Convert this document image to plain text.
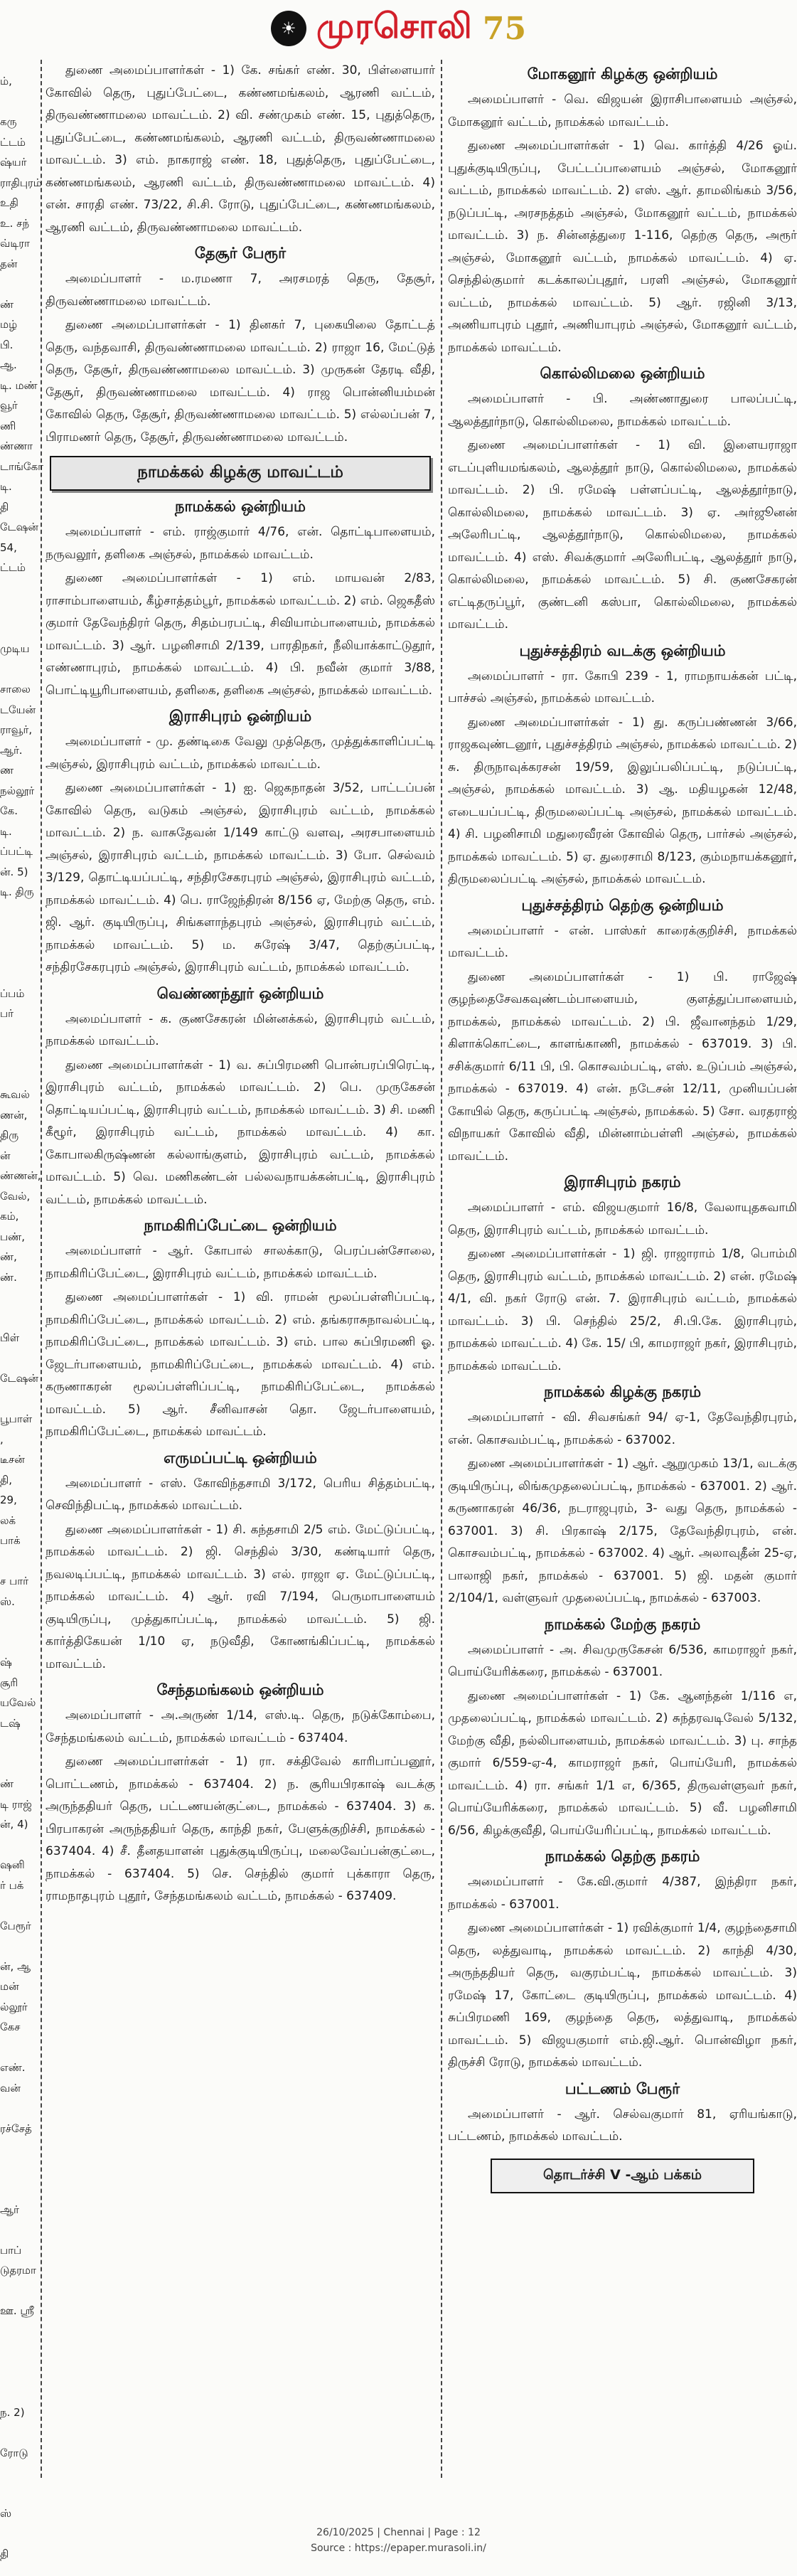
☀ முரசொலி 75
ம்,

கரு
ட்டம்
ஷ்யர்
ராதிபுரம்
உதி
உ. சந்
வ்டிரா
தன்

ண்
மழ்
பி.
ஆ.
டி. மண்
வூர்
ணி
ண்ணா
டாங்கோ
டி.
தி
டேஷன்
54,
ட்டம்

முடிய

சாலை
டயேன்
ராவூர்,
ஆர்.
ண
நல்லூர்
கே.
டி.
ப்பட்டி
ன். 5)
டி. திரு

ப்பம்
பர்

கூவல்
ணன்,
திரு
ன்
ண்ணன்,
வேல்,
கம்,
பண்,
ண்,
ண்.

பிள்

டேஷன்

பூபாள்
,
டீசன்
தி,
29,
லக்
பாக்

ச பார்
ஸ்.

ஷ்
சூரி
யவேல்
டஷ்

ண்
டி ராஜ்
ன், 4)

ஷனி
ர் பக்

பேரூர்

ன், ஆ
மன்
ல்லூர்
கேச

எண்.
வன்

ரச்சேத்

ஆர்

பாப்
டுதரமா

ஊ. ஸ்ரீ

ந. 2)

ரோடு

ஸ்

தி

துணை அமைப்பாளர்கள் - 1) கே. சங்கர் எண். 30, பிள்ளையார் கோவில் தெரு, புதுப்பேட்டை, கண்ணமங்கலம், ஆரணி வட்டம், திருவண்ணாமலை மாவட்டம். 2) வி. சண்முகம் எண். 15, புதுத்தெரு, புதுப்பேட்டை, கண்ணமங்கலம், ஆரணி வட்டம், திருவண்ணாமலை மாவட்டம். 3) எம். நாகராஜ் எண். 18, புதுத்தெரு, புதுப்பேட்டை, கண்ணமங்கலம், ஆரணி வட்டம், திருவண்ணாமலை மாவட்டம். 4) என். சாரதி எண். 73/22, சி.சி. ரோடு, புதுப்பேட்டை, கண்ணமங்கலம், ஆரணி வட்டம், திருவண்ணாமலை மாவட்டம்.

தேசூர் பேரூர்

அமைப்பாளர் - ம.ரமணா 7, அரசமரத் தெரு, தேசூர், திருவண்ணாமலை மாவட்டம்.

துணை அமைப்பாளர்கள் - 1) தினகர் 7, புகையிலை தோட்டத் தெரு, வந்தவாசி, திருவண்ணாமலை மாவட்டம். 2) ராஜா 16, மேட்டுத் தெரு, தேசூர், திருவண்ணாமலை மாவட்டம். 3) முருகன் தேரடி வீதி, தேசூர், திருவண்ணாமலை மாவட்டம். 4) ராஜ பொன்னியம்மன் கோவில் தெரு, தேசூர், திருவண்ணாமலை மாவட்டம். 5) எல்லப்பன் 7, பிராமணர் தெரு, தேசூர், திருவண்ணாமலை மாவட்டம்.

நாமக்கல் கிழக்கு மாவட்டம்
நாமக்கல் ஒன்றியம்

அமைப்பாளர் - எம். ராஜ்குமார் 4/76, என். தொட்டிபாளையம், நருவலூர், தளிகை அஞ்சல், நாமக்கல் மாவட்டம்.

துணை அமைப்பாளர்கள் - 1) எம். மாயவன் 2/83, ராசாம்பாளையம், கீழ்சாத்தம்பூர், நாமக்கல் மாவட்டம். 2) எம். ஜெகதீஸ் குமார் தேவேந்திரர் தெரு, சிதம்பரபட்டி, சிவியாம்பாளையம், நாமக்கல் மாவட்டம். 3) ஆர். பழனிசாமி 2/139, பாரதிநகர், நீலியாக்காட்டுதூர், எண்ணாபுரம், நாமக்கல் மாவட்டம். 4) பி. நவீன் குமார் 3/88, பொட்டியூரிபாளையம், தளிகை, தளிகை அஞ்சல், நாமக்கல் மாவட்டம்.

இராசிபுரம் ஒன்றியம்

அமைப்பாளர் - மு. தண்டிகை வேலு முத்தெரு, முத்துக்காளிப்பட்டி அஞ்சல், இராசிபுரம் வட்டம், நாமக்கல் மாவட்டம்.

துணை அமைப்பாளர்கள் - 1) ஐ. ஜெகநாதன் 3/52, பாட்டப்பன் கோவில் தெரு, வடுகம் அஞ்சல், இராசிபுரம் வட்டம், நாமக்கல் மாவட்டம். 2) ந. வாசுதேவன் 1/149 காட்டு வளவு, அரசபாளையம் அஞ்சல், இராசிபுரம் வட்டம், நாமக்கல் மாவட்டம். 3) போ. செல்வம் 3/129, தொட்டியப்பட்டி, சந்திரசேகரபுரம் அஞ்சல், இராசிபுரம் வட்டம், நாமக்கல் மாவட்டம். 4) பெ. ராஜேந்திரன் 8/156 ஏ, மேற்கு தெரு, எம். ஜி. ஆர். குடியிருப்பு, சிங்களாந்தபுரம் அஞ்சல், இராசிபுரம் வட்டம், நாமக்கல் மாவட்டம். 5) ம. சுரேஷ் 3/47, தெற்குப்பட்டி, சந்திரசேகரபுரம் அஞ்சல், இராசிபுரம் வட்டம், நாமக்கல் மாவட்டம்.

வெண்ணந்தூர் ஒன்றியம்

அமைப்பாளர் - க. குணசேகரன் மின்னக்கல், இராசிபுரம் வட்டம், நாமக்கல் மாவட்டம்.

துணை அமைப்பாளர்கள் - 1) வ. சுப்பிரமணி பொன்பரப்பிரெட்டி, இராசிபுரம் வட்டம், நாமக்கல் மாவட்டம். 2) பெ. முருகேசன் தொட்டியப்பட்டி, இராசிபுரம் வட்டம், நாமக்கல் மாவட்டம். 3) சி. மணி கீழூர், இராசிபுரம் வட்டம், நாமக்கல் மாவட்டம். 4) கா. கோபாலகிருஷ்ணன் கல்லாங்குளம், இராசிபுரம் வட்டம், நாமக்கல் மாவட்டம். 5) வெ. மணிகண்டன் பல்லவநாயக்கன்பட்டி, இராசிபுரம் வட்டம், நாமக்கல் மாவட்டம்.

நாமகிரிப்பேட்டை ஒன்றியம்

அமைப்பாளர் - ஆர். கோபால் சாலக்காடு, பெரப்பன்சோலை, நாமகிரிப்பேட்டை, இராசிபுரம் வட்டம், நாமக்கல் மாவட்டம்.

துணை அமைப்பாளர்கள் - 1) வி. ராமன் மூலப்பள்ளிப்பட்டி, நாமகிரிப்பேட்டை, நாமக்கல் மாவட்டம். 2) எம். தங்கராசுநாவல்பட்டி, நாமகிரிப்பேட்டை, நாமக்கல் மாவட்டம். 3) எம். பால சுப்பிரமணி ஓ. ஜேடர்பாளையம், நாமகிரிப்பேட்டை, நாமக்கல் மாவட்டம். 4) எம். கருணாகரன் மூலப்பள்ளிப்பட்டி, நாமகிரிப்பேட்டை, நாமக்கல் மாவட்டம். 5) ஆர். சீனிவாசன் தொ. ஜேடர்பாளையம், நாமகிரிப்பேட்டை, நாமக்கல் மாவட்டம்.

எருமப்பட்டி ஒன்றியம்

அமைப்பாளர் - எஸ். கோவிந்தசாமி 3/172, பெரிய சித்தம்பட்டி, செவிந்திபட்டி, நாமக்கல் மாவட்டம்.

துணை அமைப்பாளர்கள் - 1) சி. கந்தசாமி 2/5 எம். மேட்டுப்பட்டி, நாமக்கல் மாவட்டம். 2) ஜி. செந்தில் 3/30, கண்டியார் தெரு, நவலடிப்பட்டி, நாமக்கல் மாவட்டம். 3) எல். ராஜா ஏ. மேட்டுப்பட்டி, நாமக்கல் மாவட்டம். 4) ஆர். ரவி 7/194, பெருமாபாளையம் குடியிருப்பு, முத்துகாப்பட்டி, நாமக்கல் மாவட்டம். 5) ஜி. கார்த்திகேயன் 1/10 ஏ, நடுவீதி, கோணங்கிப்பட்டி, நாமக்கல் மாவட்டம்.

சேந்தமங்கலம் ஒன்றியம்

அமைப்பாளர் - அ.அருண் 1/14, எஸ்.டி. தெரு, நடுக்கோம்பை, சேந்தமங்கலம் வட்டம், நாமக்கல் மாவட்டம் - 637404.

துணை அமைப்பாளர்கள் - 1) ரா. சக்திவேல் காரிபாப்பனூர், பொட்டணம், நாமக்கல் - 637404. 2) ந. சூரியபிரகாஷ் வடக்கு அருந்ததியர் தெரு, பட்டணயன்குட்டை, நாமக்கல் - 637404. 3) க. பிரபாகரன் அருந்ததியர் தெரு, காந்தி நகர், பேளுக்குறிச்சி, நாமக்கல் - 637404. 4) சீ. தீனதயாளன் புதுக்குடியிருப்பு, மலைவேப்பன்குட்டை, நாமக்கல் - 637404. 5) செ. செந்தில் குமார் புக்காரா தெரு, ராமநாதபுரம் புதூர், சேந்தமங்கலம் வட்டம், நாமக்கல் - 637409.

மோகனூர் கிழக்கு ஒன்றியம்

அமைப்பாளர் - வெ. விஜயன் இராசிபாளையம் அஞ்சல், மோகனூர் வட்டம், நாமக்கல் மாவட்டம்.

துணை அமைப்பாளர்கள் - 1) வெ. கார்த்தி 4/26 ஓய். புதுக்குடியிருப்பு, பேட்டப்பாளையம் அஞ்சல், மோகனூர் வட்டம், நாமக்கல் மாவட்டம். 2) எஸ். ஆர். தாமலிங்கம் 3/56, நடுப்பட்டி, அரசநத்தம் அஞ்சல், மோகனூர் வட்டம், நாமக்கல் மாவட்டம். 3) ந. சின்னத்துரை 1-116, தெற்கு தெரு, அரூர் அஞ்சல், மோகனூர் வட்டம், நாமக்கல் மாவட்டம். 4) ஏ. செந்தில்குமார் கடக்காலப்புதூர், பரளி அஞ்சல், மோகனூர் வட்டம், நாமக்கல் மாவட்டம். 5) ஆர். ரஜினி 3/13, அணியாபுரம் புதூர், அணியாபுரம் அஞ்சல், மோகனூர் வட்டம், நாமக்கல் மாவட்டம்.

கொல்லிமலை ஒன்றியம்

அமைப்பாளர் - பி. அண்ணாதுரை பாலப்பட்டி, ஆலத்தூர்நாடு, கொல்லிமலை, நாமக்கல் மாவட்டம்.

துணை அமைப்பாளர்கள் - 1) வி. இளையராஜா எடப்புளியமங்கலம், ஆலத்தூர் நாடு, கொல்லிமலை, நாமக்கல் மாவட்டம். 2) பி. ரமேஷ் பள்ளப்பட்டி, ஆலத்தூர்நாடு, கொல்லிமலை, நாமக்கல் மாவட்டம். 3) ஏ. அர்ஜூனன் அலேரிபட்டி, ஆலத்தூர்நாடு, கொல்லிமலை, நாமக்கல் மாவட்டம். 4) எஸ். சிவக்குமார் அலேரிபட்டி, ஆலத்தூர் நாடு, கொல்லிமலை, நாமக்கல் மாவட்டம். 5) சி. குணசேகரன் எட்டிதருப்பூர், குண்டனி கஸ்பா, கொல்லிமலை, நாமக்கல் மாவட்டம்.

புதுச்சத்திரம் வடக்கு ஒன்றியம்

அமைப்பாளர் - ரா. கோபி 239 - 1, ராமநாயக்கன் பட்டி, பாச்சல் அஞ்சல், நாமக்கல் மாவட்டம்.

துணை அமைப்பாளர்கள் - 1) து. கருப்பண்ணன் 3/66, ராஜகவுண்டனூர், புதுச்சத்திரம் அஞ்சல், நாமக்கல் மாவட்டம். 2) சு. திருநாவுக்கரசன் 19/59, இலுப்பலிப்பட்டி, நடுப்பட்டி, அஞ்சல், நாமக்கல் மாவட்டம். 3) ஆ. மதியழகன் 12/48, எடையப்பட்டி, திருமலைப்பட்டி அஞ்சல், நாமக்கல் மாவட்டம். 4) சி. பழனிசாமி மதுரைவீரன் கோவில் தெரு, பார்சல் அஞ்சல், நாமக்கல் மாவட்டம். 5) ஏ. துரைசாமி 8/123, கும்மநாயக்கனூர், திருமலைப்பட்டி அஞ்சல், நாமக்கல் மாவட்டம்.

புதுச்சத்திரம் தெற்கு ஒன்றியம்

அமைப்பாளர் - என். பாஸ்கர் காரைக்குறிச்சி, நாமக்கல் மாவட்டம்.

துணை அமைப்பாளர்கள் - 1) பி. ராஜேஷ் குழந்தைசேவகவுண்டம்பாளையம், குளத்துப்பாளையம், நாமக்கல், நாமக்கல் மாவட்டம். 2) பி. ஜீவானந்தம் 1/29, கிளாக்கொட்டை, காளங்காணி, நாமக்கல் - 637019. 3) பி. சசிக்குமார் 6/11 பி, பி. கொசவம்பட்டி, எஸ். உடுப்பம் அஞ்சல், நாமக்கல் - 637019. 4) என். நடேசன் 12/11, முனியப்பன் கோயில் தெரு, கருப்பட்டி அஞ்சல், நாமக்கல். 5) சோ. வரதராஜ் விநாயகர் கோவில் வீதி, மின்னாம்பள்ளி அஞ்சல், நாமக்கல் மாவட்டம்.

இராசிபுரம் நகரம்

அமைப்பாளர் - எம். விஜயகுமார் 16/8, வேலாயுதசுவாமி தெரு, இராசிபுரம் வட்டம், நாமக்கல் மாவட்டம்.

துணை அமைப்பாளர்கள் - 1) ஜி. ராஜாராம் 1/8, பொம்மி தெரு, இராசிபுரம் வட்டம், நாமக்கல் மாவட்டம். 2) என். ரமேஷ் 4/1, வி. நகர் ரோடு என். 7. இராசிபுரம் வட்டம், நாமக்கல் மாவட்டம். 3) பி. செந்தில் 25/2, சி.பி.கே. இராசிபுரம், நாமக்கல் மாவட்டம். 4) கே. 15/ பி, காமராஜர் நகர், இராசிபுரம், நாமக்கல் மாவட்டம்.

நாமக்கல் கிழக்கு நகரம்

அமைப்பாளர் - வி. சிவசங்கர் 94/ ஏ-1, தேவேந்திரபுரம், என். கொசவம்பட்டி, நாமக்கல் - 637002.

துணை அமைப்பாளர்கள் - 1) ஆர். ஆறுமுகம் 13/1, வடக்கு குடியிருப்பு, லிங்கமுதலைப்பட்டி, நாமக்கல் - 637001. 2) ஆர். கருணாகரன் 46/36, நடராஜபுரம், 3- வது தெரு, நாமக்கல் - 637001. 3) சி. பிரகாஷ் 2/175, தேவேந்திரபுரம், என். கொசவம்பட்டி, நாமக்கல் - 637002. 4) ஆர். அலாவுதீன் 25-ஏ, பாலாஜி நகர், நாமக்கல் - 637001. 5) ஜி. மதன் குமார் 2/104/1, வள்ளுவர் முதலைப்பட்டி, நாமக்கல் - 637003.

நாமக்கல் மேற்கு நகரம்

அமைப்பாளர் - அ. சிவமுருகேசன் 6/536, காமராஜர் நகர், பொய்யேரிக்கரை, நாமக்கல் - 637001.

துணை அமைப்பாளர்கள் - 1) கே. ஆனந்தன் 1/116 எ, முதலைப்பட்டி, நாமக்கல் மாவட்டம். 2) சுந்தரவடிவேல் 5/132, மேற்கு வீதி, நல்லிபாளையம், நாமக்கல் மாவட்டம். 3) பு. சாந்த குமார் 6/559-ஏ-4, காமராஜர் நகர், பொய்யேரி, நாமக்கல் மாவட்டம். 4) ரா. சங்கர் 1/1 எ, 6/365, திருவள்ளுவர் நகர், பொய்யேரிக்கரை, நாமக்கல் மாவட்டம். 5) வீ. பழனிசாமி 6/56, கிழக்குவீதி, பொய்யேரிப்பட்டி, நாமக்கல் மாவட்டம்.

நாமக்கல் தெற்கு நகரம்

அமைப்பாளர் - கே.வி.குமார் 4/387, இந்திரா நகர், நாமக்கல் - 637001.

துணை அமைப்பாளர்கள் - 1) ரவிக்குமார் 1/4, குழந்தைசாமி தெரு, லத்துவாடி, நாமக்கல் மாவட்டம். 2) காந்தி 4/30, அருந்ததியர் தெரு, வகுரம்பட்டி, நாமக்கல் மாவட்டம். 3) ரமேஷ் 17, கோட்டை குடியிருப்பு, நாமக்கல் மாவட்டம். 4) சுப்பிரமணி 169, குழந்தை தெரு, லத்துவாடி, நாமக்கல் மாவட்டம். 5) விஜயகுமார் எம்.ஜி.ஆர். பொன்விழா நகர், திருச்சி ரோடு, நாமக்கல் மாவட்டம்.

பட்டணம் பேரூர்

அமைப்பாளர் - ஆர். செல்வகுமார் 81, ஏரியங்காடு, பட்டணம், நாமக்கல் மாவட்டம்.

தொடர்ச்சி V -ஆம் பக்கம்
26/10/2025 | Chennai | Page : 12
Source : https://epaper.murasoli.in/
